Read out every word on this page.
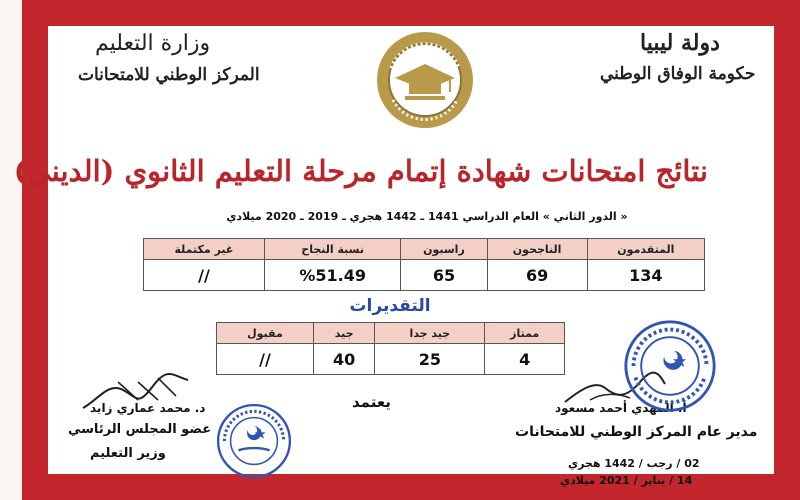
دولة ليبيا
حكومة الوفاق الوطني
وزارة التعليم
المركز الوطني للامتحانات
نتائج امتحانات شهادة إتمام مرحلة التعليم الثانوي (الديني)
« الدور الثاني » العام الدراسي 1441 ـ 1442 هجري ـ 2019 ـ 2020 ميلادي
المتقدمون	الناجحون	راسبون	نسبة النجاح	غير مكتملة
134	69	65	%51.49	//
التقديرات
ممتاز	جيد جدا	جيد	مقبول
4	25	40	//
يعتمد	أ. المهدي أحمد مسعود
مدير عام المركز الوطني للامتحانات
د. محمد عماري زايد
عضو المجلس الرئاسي
وزير التعليم
02 / رجب / 1442 هجري
14 / يناير / 2021 ميلادي
